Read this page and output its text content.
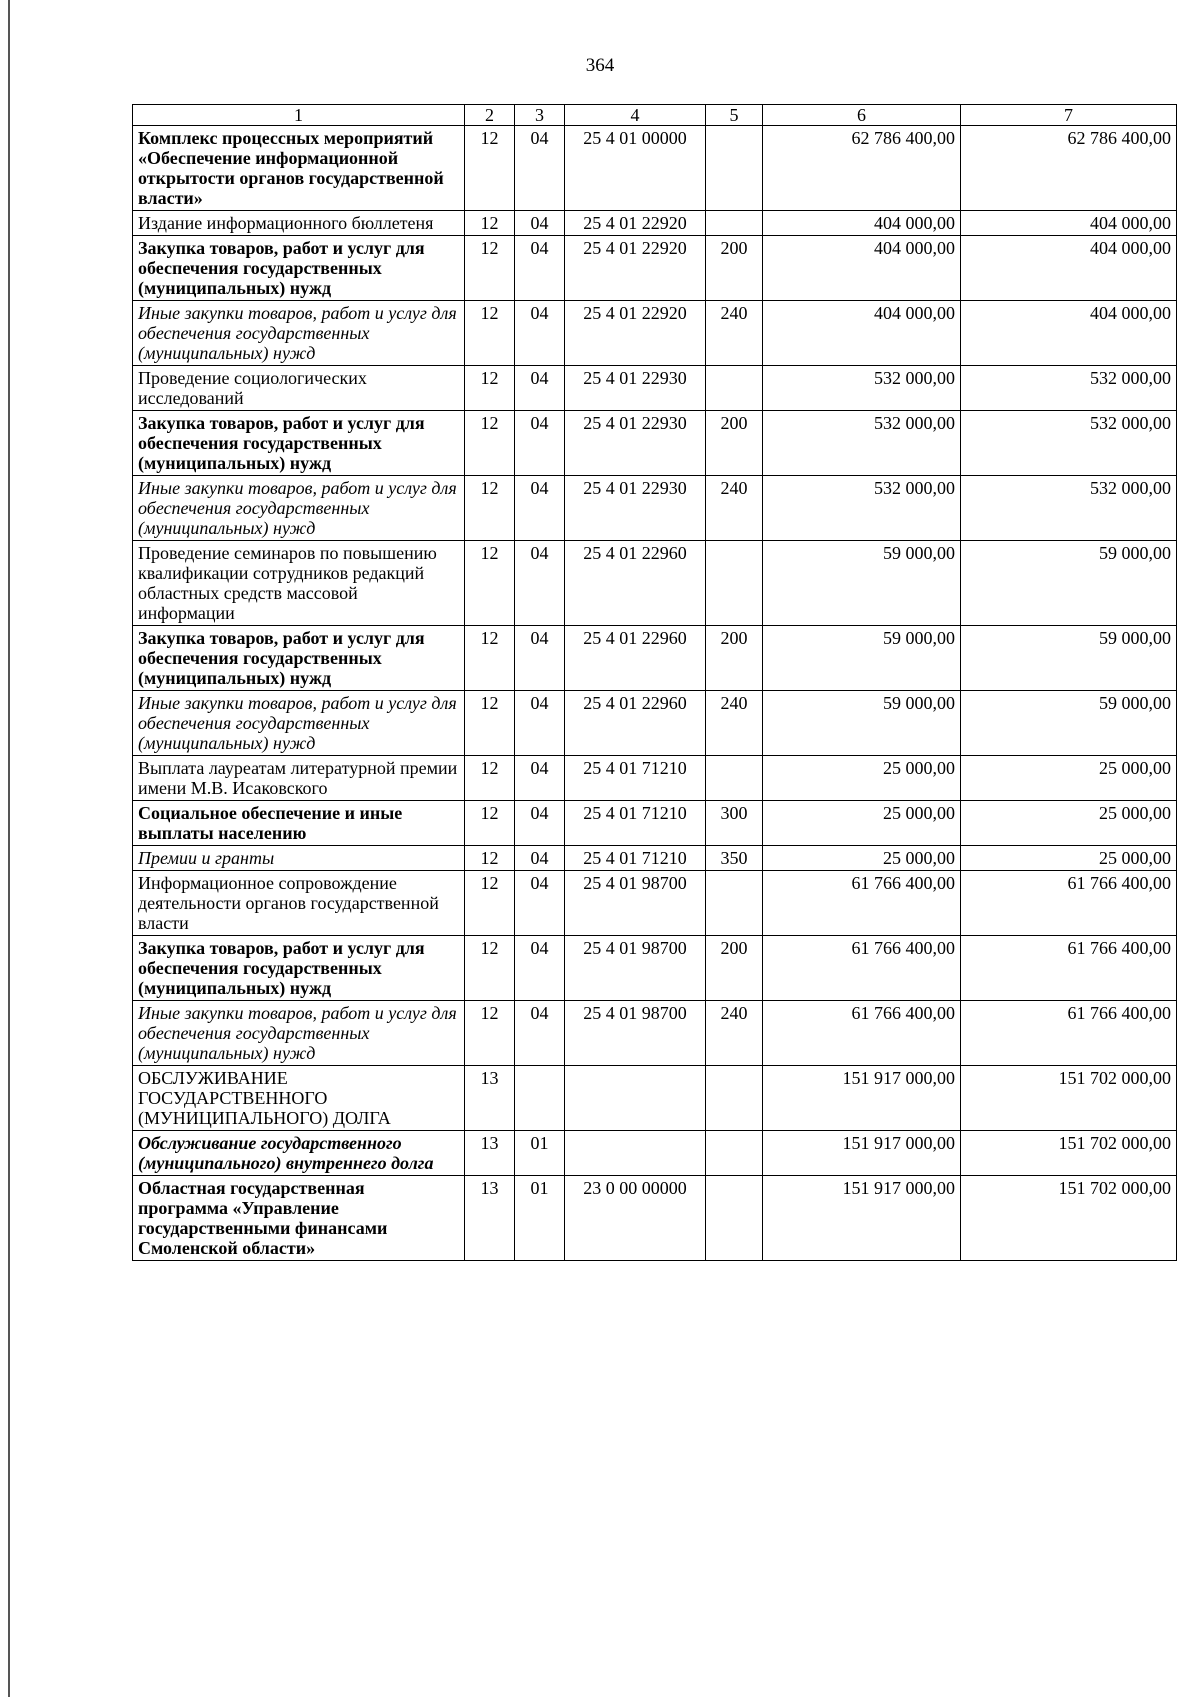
364
1	2	3	4	5	6	7
Комплекс процессных мероприятий «Обеспечение информационной открытости органов государственной власти»	12	04	25 4 01 00000		62 786 400,00	62 786 400,00
Издание информационного бюллетеня	12	04	25 4 01 22920		404 000,00	404 000,00
Закупка товаров, работ и услуг для обеспечения государственных (муниципальных) нужд	12	04	25 4 01 22920	200	404 000,00	404 000,00
Иные закупки товаров, работ и услуг для обеспечения государственных (муниципальных) нужд	12	04	25 4 01 22920	240	404 000,00	404 000,00
Проведение социологических исследований	12	04	25 4 01 22930		532 000,00	532 000,00
Закупка товаров, работ и услуг для обеспечения государственных (муниципальных) нужд	12	04	25 4 01 22930	200	532 000,00	532 000,00
Иные закупки товаров, работ и услуг для обеспечения государственных (муниципальных) нужд	12	04	25 4 01 22930	240	532 000,00	532 000,00
Проведение семинаров по повышению квалификации сотрудников редакций областных средств массовой информации	12	04	25 4 01 22960		59 000,00	59 000,00
Закупка товаров, работ и услуг для обеспечения государственных (муниципальных) нужд	12	04	25 4 01 22960	200	59 000,00	59 000,00
Иные закупки товаров, работ и услуг для обеспечения государственных (муниципальных) нужд	12	04	25 4 01 22960	240	59 000,00	59 000,00
Выплата лауреатам литературной премии имени М.В. Исаковского	12	04	25 4 01 71210		25 000,00	25 000,00
Социальное обеспечение и иные выплаты населению	12	04	25 4 01 71210	300	25 000,00	25 000,00
Премии и гранты	12	04	25 4 01 71210	350	25 000,00	25 000,00
Информационное сопровождение деятельности органов государственной власти	12	04	25 4 01 98700		61 766 400,00	61 766 400,00
Закупка товаров, работ и услуг для обеспечения государственных (муниципальных) нужд	12	04	25 4 01 98700	200	61 766 400,00	61 766 400,00
Иные закупки товаров, работ и услуг для обеспечения государственных (муниципальных) нужд	12	04	25 4 01 98700	240	61 766 400,00	61 766 400,00
ОБСЛУЖИВАНИЕ ГОСУДАРСТВЕННОГО (МУНИЦИПАЛЬНОГО) ДОЛГА	13				151 917 000,00	151 702 000,00
Обслуживание государственного (муниципального) внутреннего долга	13	01			151 917 000,00	151 702 000,00
Областная государственная программа «Управление государственными финансами Смоленской области»	13	01	23 0 00 00000		151 917 000,00	151 702 000,00
